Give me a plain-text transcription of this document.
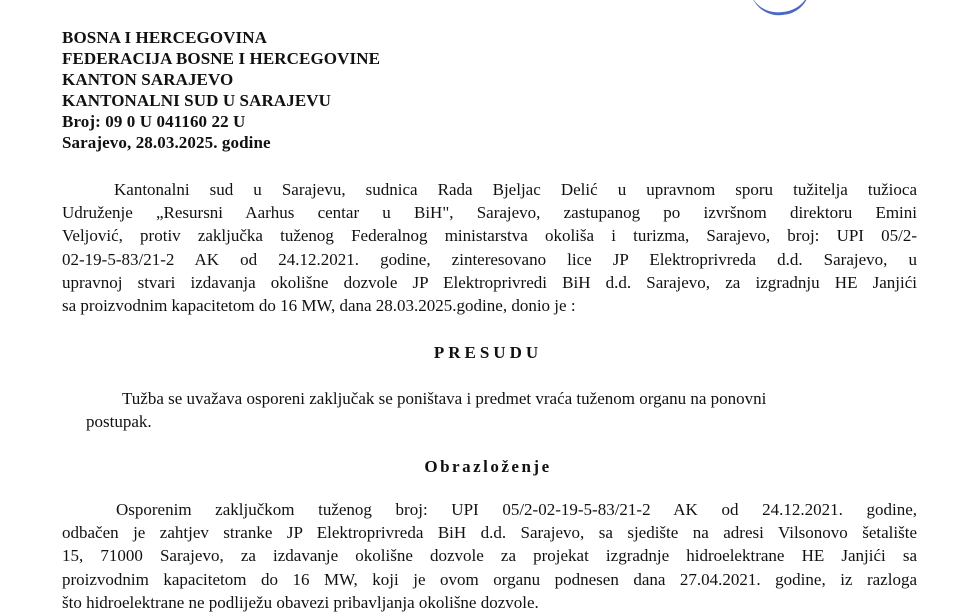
BOSNA I HERCEGOVINA
FEDERACIJA BOSNE I HERCEGOVINE
KANTON SARAJEVO
KANTONALNI SUD U SARAJEVU
Broj: 09 0 U 041160 22 U
Sarajevo, 28.03.2025. godine
Kantonalni sud u Sarajevu, sudnica Rada Bjeljac Delić u upravnom sporu tužitelja tužioca
Udruženje „Resursni Aarhus centar u BiH", Sarajevo, zastupanog po izvršnom direktoru Emini
Veljović, protiv zaključka tuženog Federalnog ministarstva okoliša i turizma, Sarajevo, broj: UPI 05/2-
02-19-5-83/21-2 AK od 24.12.2021. godine, zinteresovano lice JP Elektroprivreda d.d. Sarajevo, u
upravnoj stvari izdavanja okolišne dozvole JP Elektroprivredi BiH d.d. Sarajevo, za izgradnju HE Janjići
sa proizvodnim kapacitetom do 16 MW, dana 28.03.2025.godine, donio je :
PRESUDU
Tužba se uvažava osporeni zaključak se poništava i predmet vraća tuženom organu na ponovni
postupak.
Obrazloženje
Osporenim zaključkom tuženog broj: UPI 05/2-02-19-5-83/21-2 AK od 24.12.2021. godine,
odbačen je zahtjev stranke JP Elektroprivreda BiH d.d. Sarajevo, sa sjedište na adresi Vilsonovo šetalište
15, 71000 Sarajevo, za izdavanje okolišne dozvole za projekat izgradnje hidroelektrane HE Janjići sa
proizvodnim kapacitetom do 16 MW, koji je ovom organu podnesen dana 27.04.2021. godine, iz razloga
što hidroelektrane ne podliježu obavezi pribavljanja okolišne dozvole.
